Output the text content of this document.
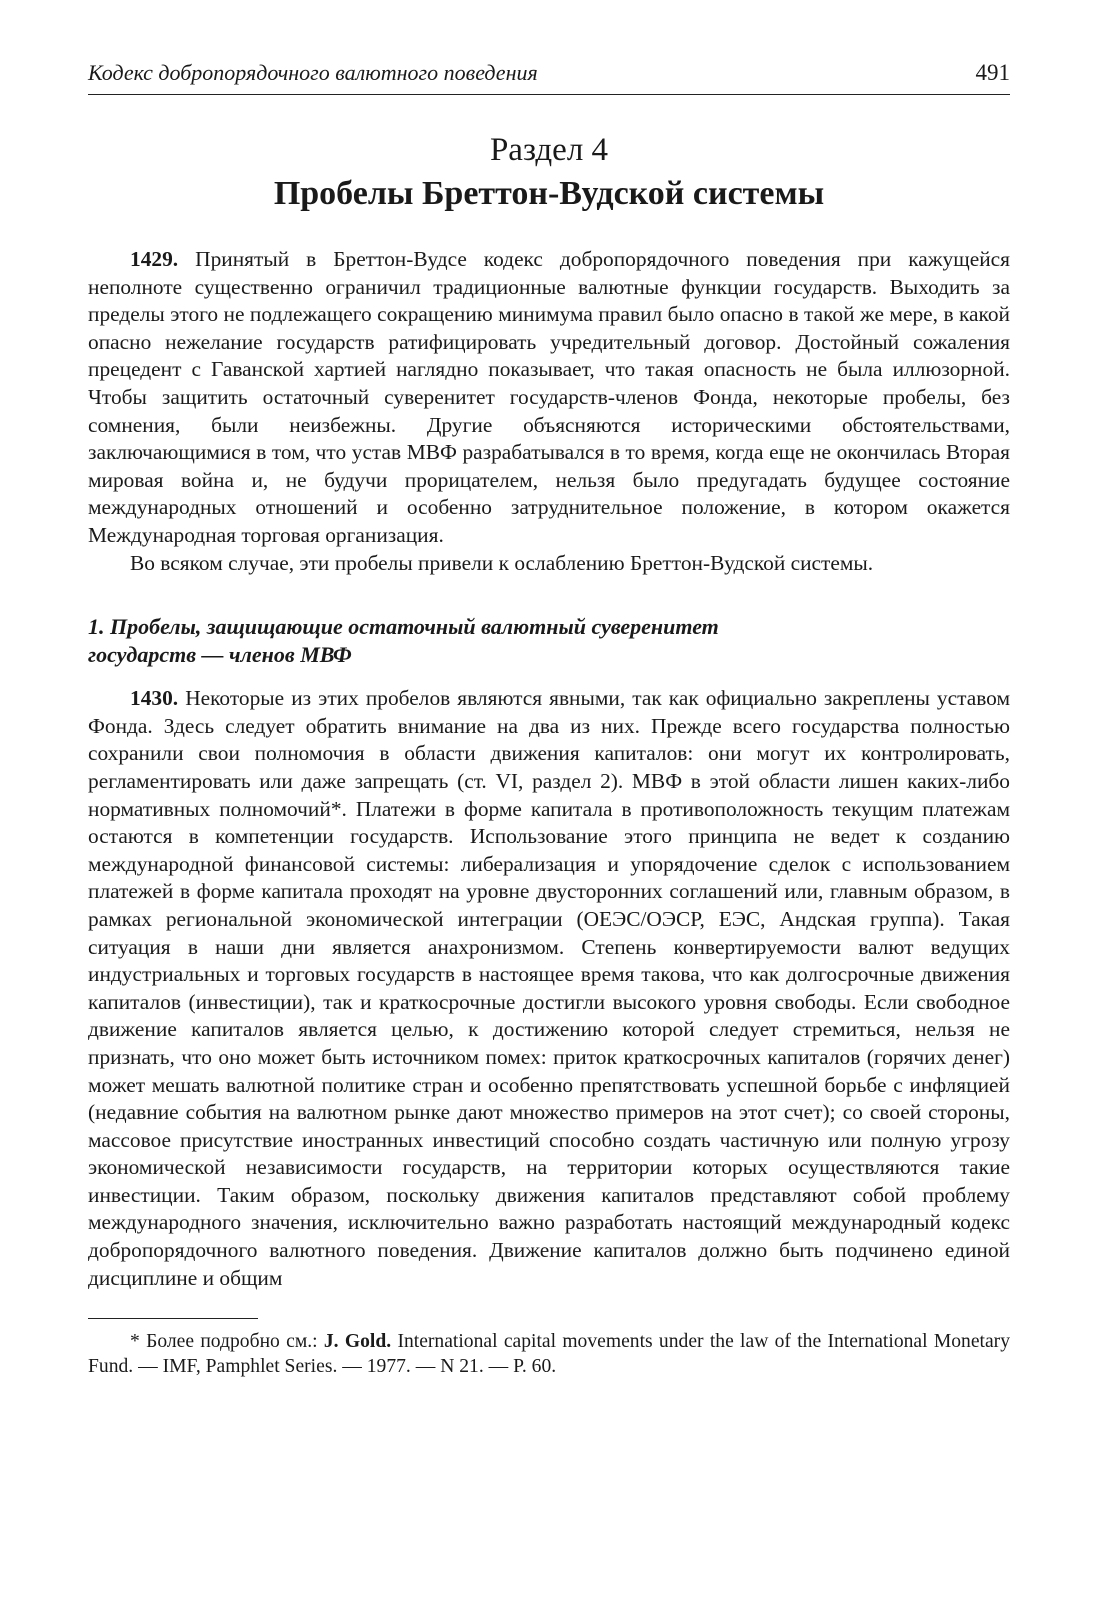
Кодекс добропорядочного валютного поведения	491
Раздел 4
Пробелы Бреттон-Вудской системы

1429. Принятый в Бреттон-Вудсе кодекс добропорядочного поведения при кажущейся неполноте существенно ограничил традиционные валютные функции государств. Выходить за пределы этого не подлежащего сокращению минимума правил было опасно в такой же мере, в какой опасно нежелание государств ратифицировать учредительный договор. Достойный сожаления прецедент с Гаванской хартией наглядно показывает, что такая опасность не была иллюзорной. Чтобы защитить остаточный суверенитет государств-членов Фонда, некоторые пробелы, без сомнения, были неизбежны. Другие объясняются историческими обстоятельствами, заключающимися в том, что устав МВФ разрабатывался в то время, когда еще не окончилась Вторая мировая война и, не будучи прорицателем, нельзя было предугадать будущее состояние международных отношений и особенно затруднительное положение, в котором окажется Международная торговая организация.

Во всяком случае, эти пробелы привели к ослаблению Бреттон-Вудской системы.

1. Пробелы, защищающие остаточный валютный суверенитет
государств — членов МВФ

1430. Некоторые из этих пробелов являются явными, так как официально закреплены уставом Фонда. Здесь следует обратить внимание на два из них. Прежде всего государства полностью сохранили свои полномочия в области движения капиталов: они могут их контролировать, регламентировать или даже запрещать (ст. VI, раздел 2). МВФ в этой области лишен каких-либо нормативных полномочий*. Платежи в форме капитала в противоположность текущим платежам остаются в компетенции государств. Использование этого принципа не ведет к созданию международной финансовой системы: либерализация и упорядочение сделок с использованием платежей в форме капитала проходят на уровне двусторонних соглашений или, главным образом, в рамках региональной экономической интеграции (ОЕЭС/ОЭСР, ЕЭС, Андская группа). Такая ситуация в наши дни является анахронизмом. Степень конвертируемости валют ведущих индустриальных и торговых государств в настоящее время такова, что как долгосрочные движения капиталов (инвестиции), так и краткосрочные достигли высокого уровня свободы. Если свободное движение капиталов является целью, к достижению которой следует стремиться, нельзя не признать, что оно может быть источником помех: приток краткосрочных капиталов (горячих денег) может мешать валютной политике стран и особенно препятствовать успешной борьбе с инфляцией (недавние события на валютном рынке дают множество примеров на этот счет); со своей стороны, массовое присутствие иностранных инвестиций способно создать частичную или полную угрозу экономической независимости государств, на территории которых осуществляются такие инвестиции. Таким образом, поскольку движения капиталов представляют собой проблему международного значения, исключительно важно разработать настоящий международный кодекс добропорядочного валютного поведения. Движение капиталов должно быть подчинено единой дисциплине и общим

* Более подробно см.: J. Gold. International capital movements under the law of the International Monetary Fund. — IMF, Pamphlet Series. — 1977. — N 21. — P. 60.
